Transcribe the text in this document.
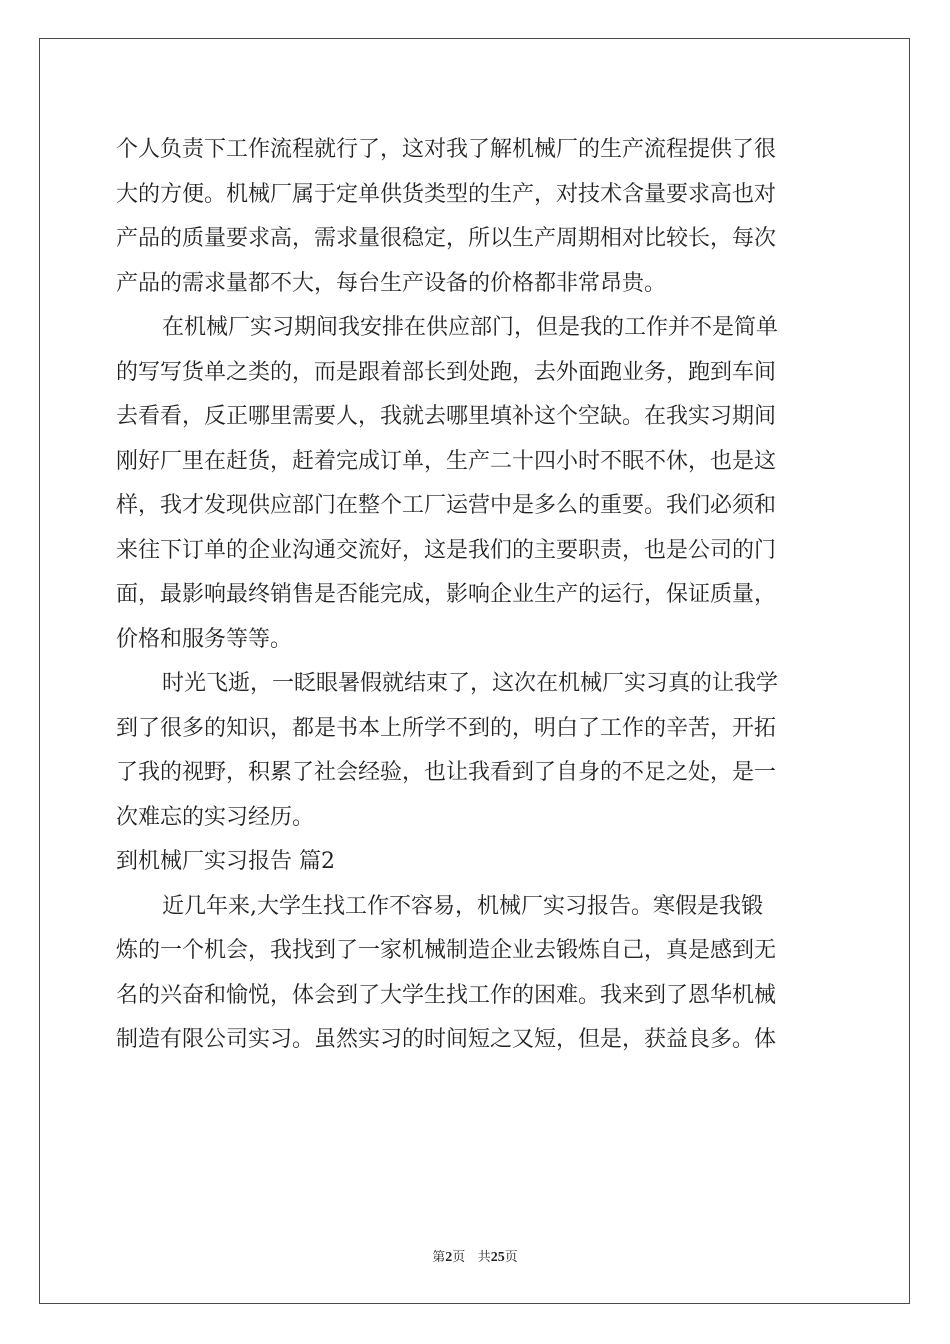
个人负责下工作流程就行了，这对我了解机械厂的生产流程提供了很
大的方便。机械厂属于定单供货类型的生产，对技术含量要求高也对
产品的质量要求高，需求量很稳定，所以生产周期相对比较长，每次
产品的需求量都不大，每台生产设备的价格都非常昂贵。
在机械厂实习期间我安排在供应部门，但是我的工作并不是简单
的写写货单之类的，而是跟着部长到处跑，去外面跑业务，跑到车间
去看看，反正哪里需要人，我就去哪里填补这个空缺。在我实习期间
刚好厂里在赶货，赶着完成订单，生产二十四小时不眠不休，也是这
样，我才发现供应部门在整个工厂运营中是多么的重要。我们必须和
来往下订单的企业沟通交流好，这是我们的主要职责，也是公司的门
面，最影响最终销售是否能完成，影响企业生产的运行，保证质量，
价格和服务等等。
时光飞逝，一眨眼暑假就结束了，这次在机械厂实习真的让我学
到了很多的知识，都是书本上所学不到的，明白了工作的辛苦，开拓
了我的视野，积累了社会经验，也让我看到了自身的不足之处，是一
次难忘的实习经历。
到机械厂实习报告 篇2
近几年来,大学生找工作不容易，机械厂实习报告。寒假是我锻
炼的一个机会，我找到了一家机械制造企业去锻炼自己，真是感到无
名的兴奋和愉悦，体会到了大学生找工作的困难。我来到了恩华机械
制造有限公司实习。虽然实习的时间短之又短，但是，获益良多。体
第2页 共25页
